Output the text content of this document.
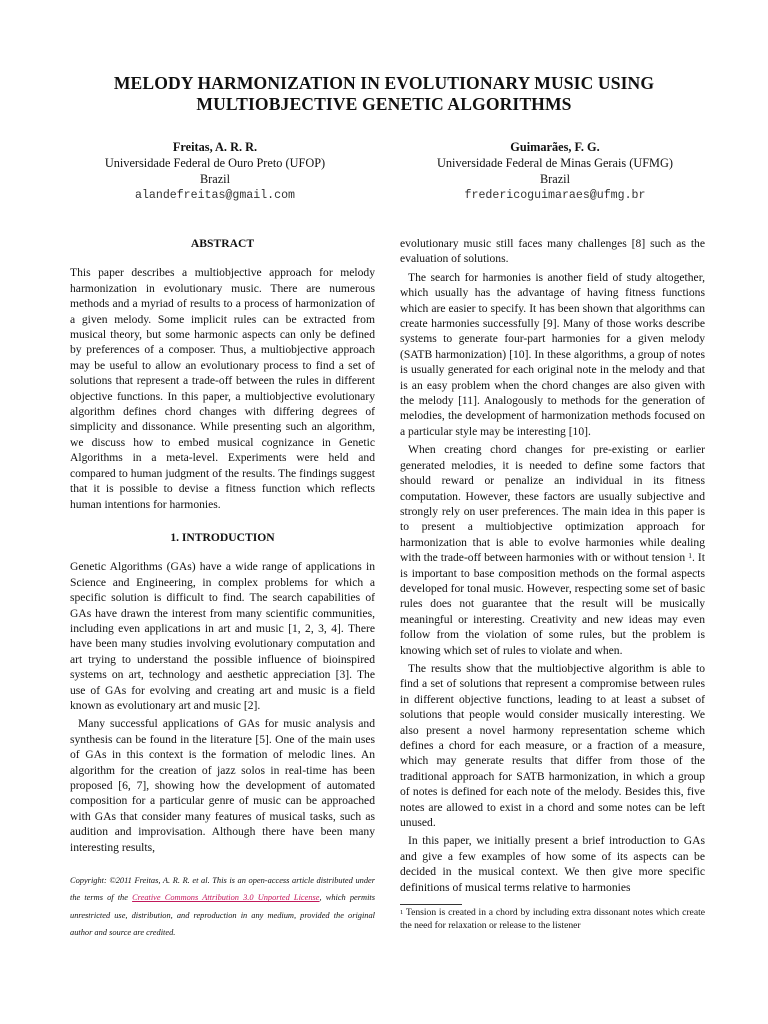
MELODY HARMONIZATION IN EVOLUTIONARY MUSIC USING
MULTIOBJECTIVE GENETIC ALGORITHMS
Freitas, A. R. R.
Universidade Federal de Ouro Preto (UFOP)
Brazil
alandefreitas@gmail.com
Guimarães, F. G.
Universidade Federal de Minas Gerais (UFMG)
Brazil
fredericoguimaraes@ufmg.br
ABSTRACT

This paper describes a multiobjective approach for melody harmonization in evolutionary music. There are numerous methods and a myriad of results to a process of harmonization of a given melody. Some implicit rules can be extracted from musical theory, but some harmonic aspects can only be defined by preferences of a composer. Thus, a multiobjective approach may be useful to allow an evolutionary process to find a set of solutions that represent a trade-off between the rules in different objective functions. In this paper, a multiobjective evolutionary algorithm defines chord changes with differing degrees of simplicity and dissonance. While presenting such an algorithm, we discuss how to embed musical cognizance in Genetic Algorithms in a meta-level. Experiments were held and compared to human judgment of the results. The findings suggest that it is possible to devise a fitness function which reflects human intentions for harmonies.

1. INTRODUCTION

Genetic Algorithms (GAs) have a wide range of applications in Science and Engineering, in complex problems for which a specific solution is difficult to find. The search capabilities of GAs have drawn the interest from many scientific communities, including even applications in art and music [1, 2, 3, 4]. There have been many studies involving evolutionary computation and art trying to understand the possible influence of bioinspired systems on art, technology and aesthetic appreciation [3]. The use of GAs for evolving and creating art and music is a field known as evolutionary art and music [2].

Many successful applications of GAs for music analysis and synthesis can be found in the literature [5]. One of the main uses of GAs in this context is the formation of melodic lines. An algorithm for the creation of jazz solos in real-time has been proposed [6, 7], showing how the development of automated composition for a particular genre of music can be approached with GAs that consider many features of musical tasks, such as audition and improvisation. Although there have been many interesting results,

evolutionary music still faces many challenges [8] such as the evaluation of solutions.

The search for harmonies is another field of study altogether, which usually has the advantage of having fitness functions which are easier to specify. It has been shown that algorithms can create harmonies successfully [9]. Many of those works describe systems to generate four-part harmonies for a given melody (SATB harmonization) [10]. In these algorithms, a group of notes is usually generated for each original note in the melody and that is an easy problem when the chord changes are also given with the melody [11]. Analogously to methods for the generation of melodies, the development of harmonization methods focused on a particular style may be interesting [10].

When creating chord changes for pre-existing or earlier generated melodies, it is needed to define some factors that should reward or penalize an individual in its fitness computation. However, these factors are usually subjective and strongly rely on user preferences. The main idea in this paper is to present a multiobjective optimization approach for harmonization that is able to evolve harmonies while dealing with the trade-off between harmonies with or without tension $^1$. It is important to base composition methods on the formal aspects developed for tonal music. However, respecting some set of basic rules does not guarantee that the result will be musically meaningful or interesting. Creativity and new ideas may even follow from the violation of some rules, but the problem is knowing which set of rules to violate and when.

The results show that the multiobjective algorithm is able to find a set of solutions that represent a compromise between rules in different objective functions, leading to at least a subset of solutions that people would consider musically interesting. We also present a novel harmony representation scheme which defines a chord for each measure, or a fraction of a measure, which may generate results that differ from those of the traditional approach for SATB harmonization, in which a group of notes is defined for each note of the melody. Besides this, five notes are allowed to exist in a chord and some notes can be left unused.

In this paper, we initially present a brief introduction to GAs and give a few examples of how some of its aspects can be decided in the musical context. We then give more specific definitions of musical terms relative to harmonies

Copyright: ©2011 Freitas, A. R. R. et al. This is an open-access article distributed under the terms of the Creative Commons Attribution 3.0 Unported License, which permits unrestricted use, distribution, and reproduction in any medium, provided the original author and source are credited.
$^1$ Tension is created in a chord by including extra dissonant notes which create the need for relaxation or release to the listener
